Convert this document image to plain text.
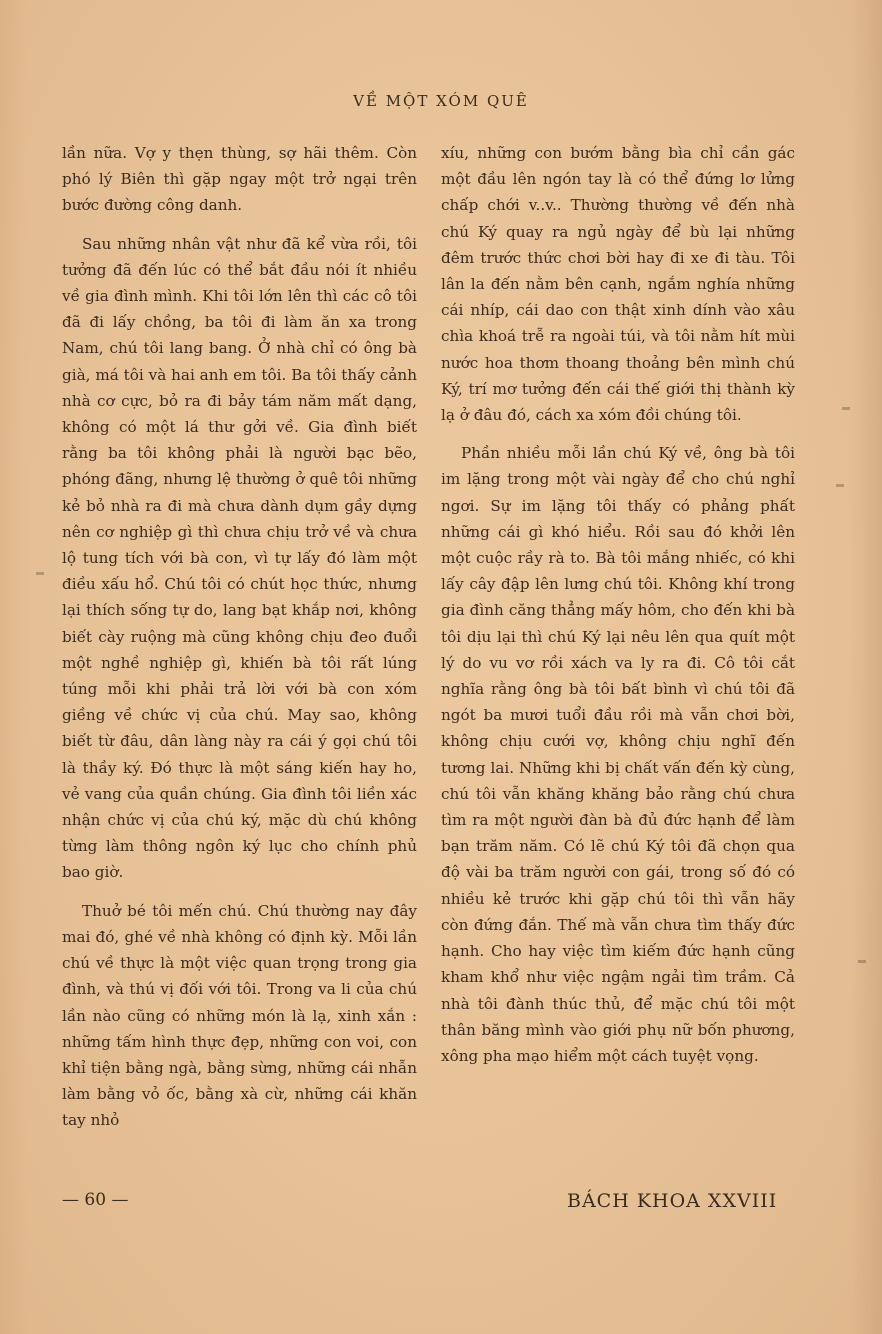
VỀ MỘT XÓM QUÊ

lần nữa. Vợ y thẹn thùng, sợ hãi thêm. Còn phó lý Biên thì gặp ngay một trở ngại trên bước đường công danh.

Sau những nhân vật như đã kể vừa rồi, tôi tưởng đã đến lúc có thể bắt đầu nói ít nhiều về gia đình mình. Khi tôi lớn lên thì các cô tôi đã đi lấy chồng, ba tôi đi làm ăn xa trong Nam, chú tôi lang bang. Ở nhà chỉ có ông bà già, má tôi và hai anh em tôi. Ba tôi thấy cảnh nhà cơ cực, bỏ ra đi bảy tám năm mất dạng, không có một lá thư gởi về. Gia đình biết rằng ba tôi không phải là người bạc bẽo, phóng đãng, nhưng lệ thường ở quê tôi những kẻ bỏ nhà ra đi mà chưa dành dụm gầy dựng nên cơ nghiệp gì thì chưa chịu trở về và chưa lộ tung tích với bà con, vì tự lấy đó làm một điều xấu hổ. Chú tôi có chút học thức, nhưng lại thích sống tự do, lang bạt khắp nơi, không biết cày ruộng mà cũng không chịu đeo đuổi một nghề nghiệp gì, khiến bà tôi rất lúng túng mỗi khi phải trả lời với bà con xóm giềng về chức vị của chú. May sao, không biết từ đâu, dân làng này ra cái ý gọi chú tôi là thầy ký. Đó thực là một sáng kiến hay ho, vẻ vang của quần chúng. Gia đình tôi liền xác nhận chức vị của chú ký, mặc dù chú không từng làm thông ngôn ký lục cho chính phủ bao giờ.

Thuở bé tôi mến chú. Chú thường nay đây mai đó, ghé về nhà không có định kỳ. Mỗi lần chú về thực là một việc quan trọng trong gia đình, và thú vị đối với tôi. Trong va li của chú lần nào cũng có những món là lạ, xinh xắn : những tấm hình thực đẹp, những con voi, con khỉ tiện bằng ngà, bằng sừng, những cái nhẫn làm bằng vỏ ốc, bằng xà cừ, những cái khăn tay nhỏ

xíu, những con bướm bằng bìa chỉ cần gác một đầu lên ngón tay là có thể đứng lơ lửng chấp chới v..v.. Thường thường về đến nhà chú Ký quay ra ngủ ngày để bù lại những đêm trước thức chơi bời hay đi xe đi tàu. Tôi lân la đến nằm bên cạnh, ngắm nghía những cái nhíp, cái dao con thật xinh dính vào xâu chìa khoá trễ ra ngoài túi, và tôi nằm hít mùi nước hoa thơm thoang thoảng bên mình chú Ký, trí mơ tưởng đến cái thế giới thị thành kỳ lạ ở đâu đó, cách xa xóm đồi chúng tôi.

Phần nhiều mỗi lần chú Ký về, ông bà tôi im lặng trong một vài ngày để cho chú nghỉ ngơi. Sự im lặng tôi thấy có phảng phất những cái gì khó hiểu. Rồi sau đó khởi lên một cuộc rầy rà to. Bà tôi mắng nhiếc, có khi lấy cây đập lên lưng chú tôi. Không khí trong gia đình căng thẳng mấy hôm, cho đến khi bà tôi dịu lại thì chú Ký lại nêu lên qua quít một lý do vu vơ rồi xách va ly ra đi. Cô tôi cắt nghĩa rằng ông bà tôi bất bình vì chú tôi đã ngót ba mươi tuổi đầu rồi mà vẫn chơi bời, không chịu cưới vợ, không chịu nghĩ đến tương lai. Những khi bị chất vấn đến kỳ cùng, chú tôi vẫn khăng khăng bảo rằng chú chưa tìm ra một người đàn bà đủ đức hạnh để làm bạn trăm năm. Có lẽ chú Ký tôi đã chọn qua độ vài ba trăm người con gái, trong số đó có nhiều kẻ trước khi gặp chú tôi thì vẫn hãy còn đứng đắn. Thế mà vẫn chưa tìm thấy đức hạnh. Cho hay việc tìm kiếm đức hạnh cũng kham khổ như việc ngậm ngải tìm trầm. Cả nhà tôi đành thúc thủ, để mặc chú tôi một thân băng mình vào giới phụ nữ bốn phương, xông pha mạo hiểm một cách tuyệt vọng.

— 60 —	BÁCH KHOA XXVIII
